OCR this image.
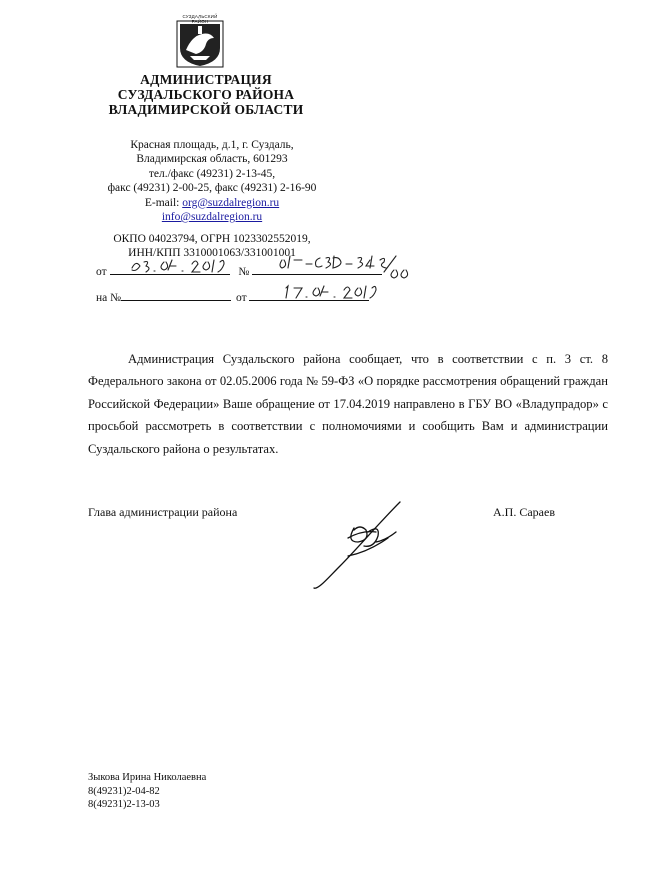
СУЗДАЛЬСКИЙ РАЙОН
АДМИНИСТРАЦИЯ
СУЗДАЛЬСКОГО РАЙОНА
ВЛАДИМИРСКОЙ ОБЛАСТИ
Красная площадь, д.1, г. Суздаль,
Владимирская область, 601293
тел./факс (49231) 2-13-45,
факс (49231) 2-00-25, факс (49231) 2-16-90
E-mail: org@suzdalregion.ru
info@suzdalregion.ru
ОКПО 04023794, ОГРН 1023302552019,
ИНН/КПП 3310001063/331001001
от	№
на №	от

Администрация Суздальского района сообщает, что в соответствии с п. 3 ст. 8 Федерального закона от 02.05.2006 года № 59-ФЗ «О порядке рассмотрения обращений граждан Российской Федерации» Ваше обращение от 17.04.2019 направлено в ГБУ ВО «Владупрадор» с просьбой рассмотреть в соответствии с полномочиями и сообщить Вам и администрации Суздальского района о результатах.

Глава администрации района	А.П. Сараев
Зыкова Ирина Николаевна
8(49231)2-04-82
8(49231)2-13-03
